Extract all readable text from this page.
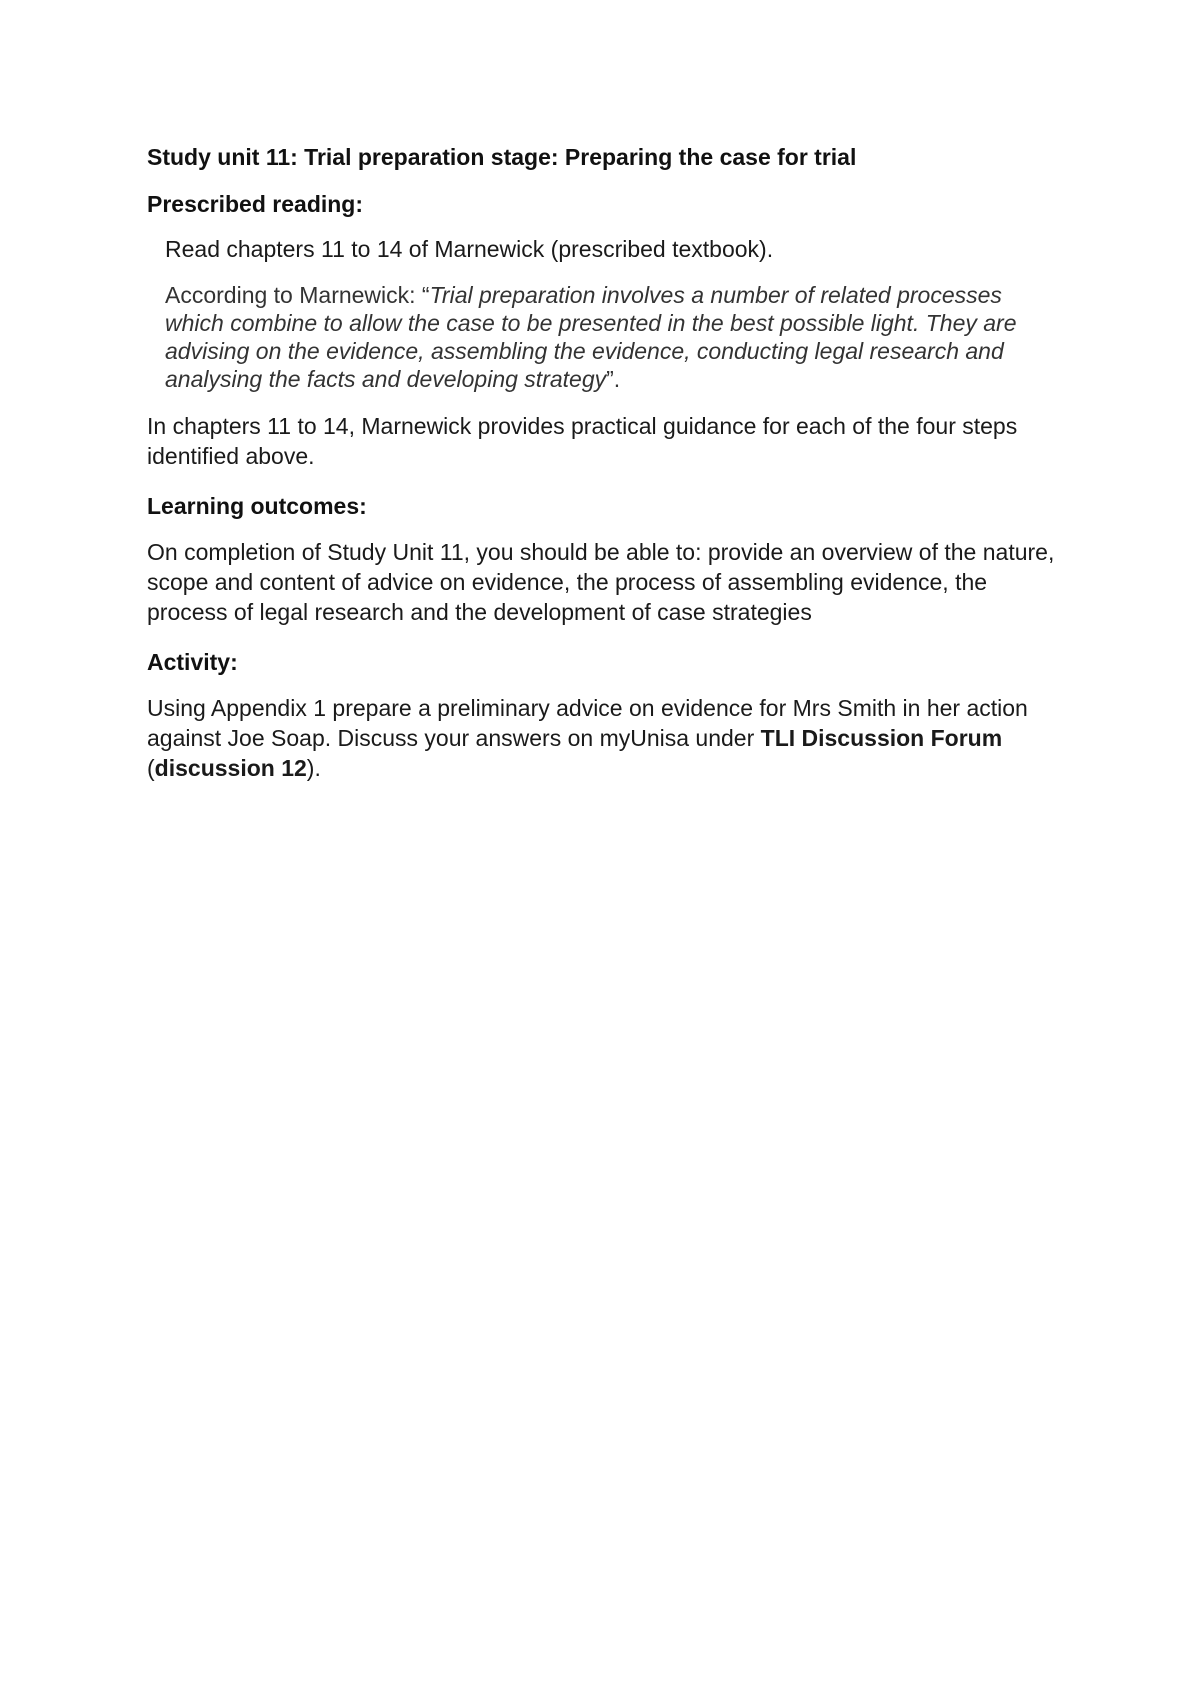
Study unit 11: Trial preparation stage: Preparing the case for trial

Prescribed reading:

Read chapters 11 to 14 of Marnewick (prescribed textbook).

According to Marnewick: “Trial preparation involves a number of related processes which combine to allow the case to be presented in the best possible light. They are advising on the evidence, assembling the evidence, conducting legal research and analysing the facts and developing strategy”.

In chapters 11 to 14, Marnewick provides practical guidance for each of the four steps identified above.

Learning outcomes:

On completion of Study Unit 11, you should be able to: provide an overview of the nature, scope and content of advice on evidence, the process of assembling evidence, the process of legal research and the development of case strategies

Activity:

Using Appendix 1 prepare a preliminary advice on evidence for Mrs Smith in her action against Joe Soap. Discuss your answers on myUnisa under TLI Discussion Forum (discussion 12).
